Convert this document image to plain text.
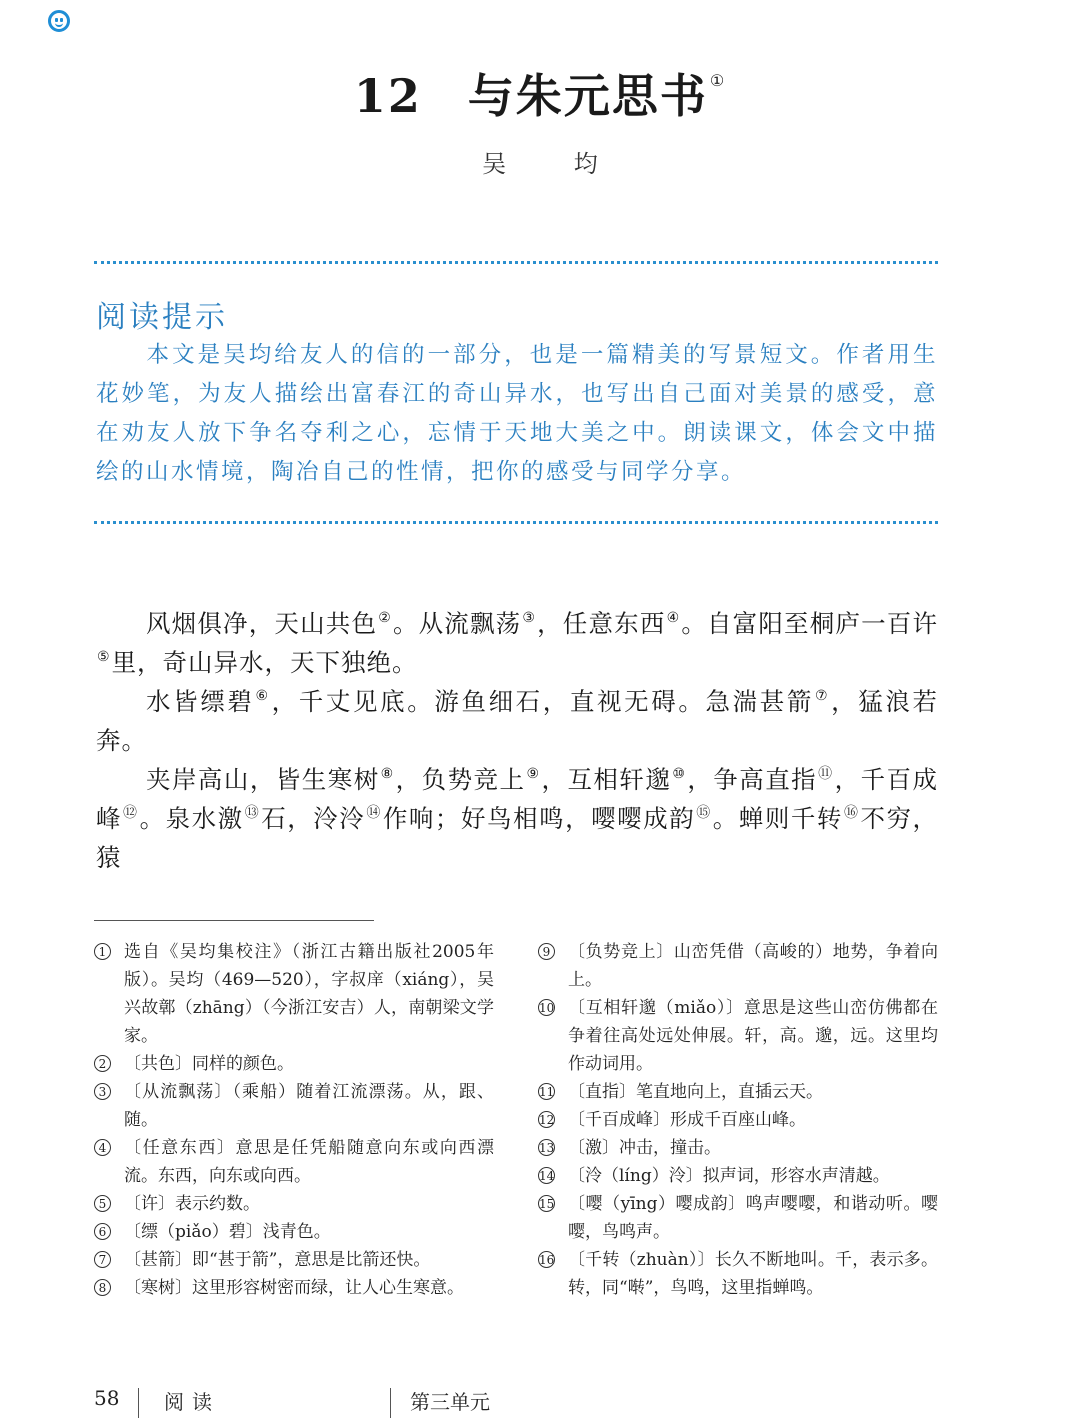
12 与朱元思书 ①
吴 均
阅读提示
本文是吴均给友人的信的一部分，也是一篇精美的写景短文。作者用生花妙笔，为友人描绘出富春江的奇山异水，也写出自己面对美景的感受，意在劝友人放下争名夺利之心，忘情于天地大美之中。朗读课文，体会文中描绘的山水情境，陶冶自己的性情，把你的感受与同学分享。

风烟俱净，天山共色②。从流飘荡③，任意东西④。自富阳至桐庐一百许⑤里，奇山异水，天下独绝。

水皆缥碧⑥，千丈见底。游鱼细石，直视无碍。急湍甚箭⑦，猛浪若奔。

夹岸高山，皆生寒树⑧，负势竞上⑨，互相轩邈⑩，争高直指⑪，千百成峰⑫。泉水激⑬石，泠泠⑭作响；好鸟相鸣，嘤嘤成韵⑮。蝉则千转⑯不穷，猿

1 选自《吴均集校注》（浙江古籍出版社2005年版）。吴均（469—520），字叔庠（xiáng），吴兴故鄣（zhāng）（今浙江安吉）人，南朝梁文学家。
2 〔共色〕同样的颜色。
3 〔从流飘荡〕（乘船）随着江流漂荡。从，跟、随。
4 〔任意东西〕意思是任凭船随意向东或向西漂流。东西，向东或向西。
5 〔许〕表示约数。
6 〔缥（piǎo）碧〕浅青色。
7 〔甚箭〕即“甚于箭”，意思是比箭还快。
8 〔寒树〕这里形容树密而绿，让人心生寒意。
9 〔负势竞上〕山峦凭借（高峻的）地势，争着向上。
10 〔互相轩邈（miǎo）〕意思是这些山峦仿佛都在争着往高处远处伸展。轩，高。邈，远。这里均作动词用。
11 〔直指〕笔直地向上，直插云天。
12 〔千百成峰〕形成千百座山峰。
13 〔激〕冲击，撞击。
14 〔泠（líng）泠〕拟声词，形容水声清越。
15 〔嘤（yīng）嘤成韵〕鸣声嘤嘤，和谐动听。嘤嘤，鸟鸣声。
16 〔千转（zhuàn）〕长久不断地叫。千，表示多。转，同“啭”，鸟鸣，这里指蝉鸣。
58 阅读	第三单元
